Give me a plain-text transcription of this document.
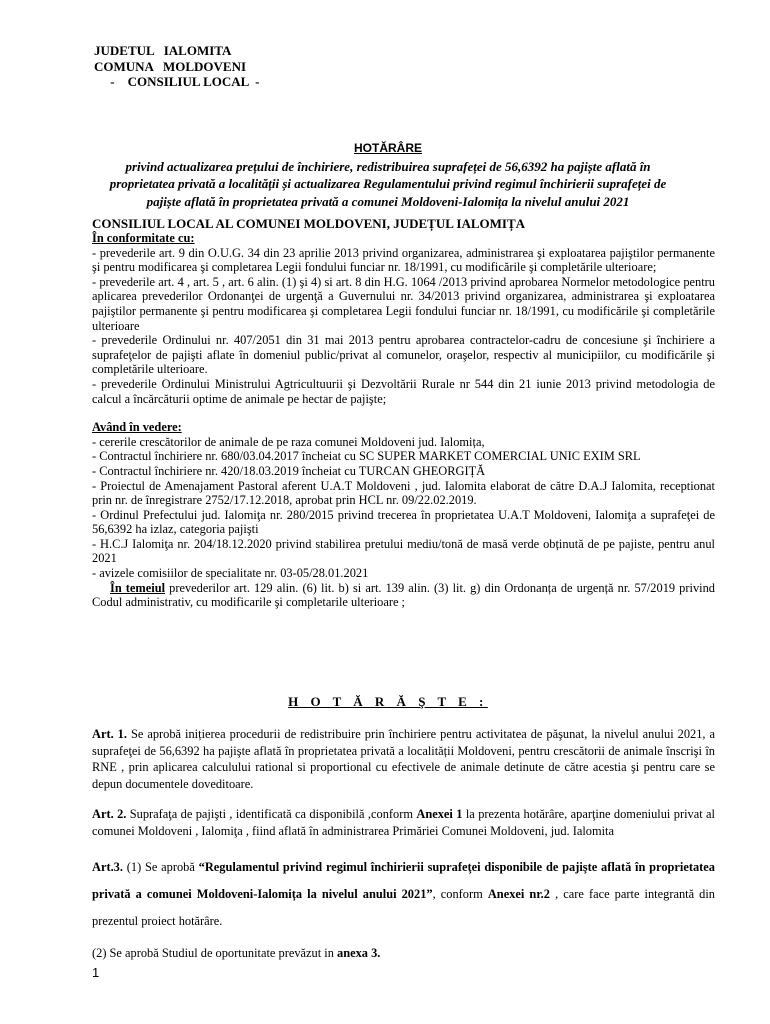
JUDETUL   IALOMITA
COMUNA   MOLDOVENI
-    CONSILIUL LOCAL  -
HOTĂRÂRE
privind actualizarea prețului de închiriere, redistribuirea suprafeței de 56,6392 ha pajiște aflată în proprietatea privată a localității și actualizarea Regulamentului privind regimul închirierii suprafeței de pajiște aflată în proprietatea privată a comunei Moldoveni-Ialomița la nivelul anului 2021

CONSILIUL LOCAL AL COMUNEI MOLDOVENI, JUDEȚUL IALOMIȚA

În conformitate cu:

- prevederile art. 9 din O.U.G. 34 din 23 aprilie 2013 privind organizarea, administrarea şi exploatarea pajiştilor permanente şi pentru modificarea şi completarea Legii fondului funciar nr. 18/1991, cu modificările şi completările ulterioare;

- prevederile art. 4 , art. 5 , art. 6 alin. (1) şi 4) si art. 8 din H.G. 1064 /2013 privind aprobarea Normelor metodologice pentru aplicarea prevederilor Ordonanţei de urgenţă a Guvernului nr. 34/2013 privind organizarea, administrarea şi exploatarea pajiştilor permanente şi pentru modificarea şi completarea Legii fondului funciar nr. 18/1991, cu modificările şi completările ulterioare

- prevederile Ordinului nr. 407/2051 din 31 mai 2013 pentru aprobarea contractelor-cadru de concesiune şi închiriere a suprafeţelor de pajişti aflate în domeniul public/privat al comunelor, oraşelor, respectiv al municipiilor, cu modificările şi completările ulterioare.

- prevederile Ordinului Ministrului Agtricultuurii şi Dezvoltării Rurale nr 544 din 21 iunie 2013 privind metodologia de calcul a încărcăturii optime de animale pe hectar de pajişte;

Având în vedere:

- cererile crescătorilor de animale de pe raza comunei Moldoveni jud. Ialomița,

- Contractul închiriere nr. 680/03.04.2017 încheiat cu SC SUPER MARKET COMERCIAL UNIC EXIM SRL

- Contractul închiriere nr. 420/18.03.2019 încheiat cu TURCAN GHEORGIȚĂ

- Proiectul de Amenajament Pastoral aferent U.A.T Moldoveni , jud. Ialomita elaborat de către D.A.J Ialomita, receptionat prin nr. de înregistrare 2752/17.12.2018, aprobat prin HCL nr. 09/22.02.2019.

- Ordinul Prefectului jud. Ialomiţa nr. 280/2015 privind trecerea în proprietatea U.A.T Moldoveni, Ialomiţa a suprafeţei de 56,6392 ha izlaz, categoria pajişti

- H.C.J Ialomiţa nr. 204/18.12.2020 privind stabilirea pretului mediu/tonă de masă verde obținută de pe pajiste, pentru anul 2021

- avizele comisiilor de specialitate nr. 03-05/28.01.2021

În temeiul prevederilor art. 129 alin. (6) lit. b) si art. 139 alin. (3) lit. g) din Ordonanța de urgență nr. 57/2019 privind Codul administrativ, cu modificarile şi completarile ulterioare ;

H O T Ă R Ă Ş T E :

Art. 1. Se aprobă inițierea procedurii de redistribuire prin închiriere pentru activitatea de păşunat, la nivelul anului 2021, a suprafeţei de 56,6392 ha pajişte aflată în proprietatea privată a localității Moldoveni, pentru crescătorii de animale înscrişi în RNE , prin aplicarea calculului rational si proportional cu efectivele de animale detinute de către acestia şi pentru care se depun documentele doveditoare.

Art. 2. Suprafaţa de pajişti , identificată ca disponibilă ,conform Anexei 1 la prezenta hotărâre, aparţine domeniului privat al comunei Moldoveni , Ialomiţa , fiind aflată în administrarea Primăriei Comunei Moldoveni, jud. Ialomita

Art.3. (1) Se aprobă “Regulamentul privind regimul închirierii suprafeţei disponibile de pajişte aflată în proprietatea privată a comunei Moldoveni-Ialomița la nivelul anului 2021”, conform Anexei nr.2 , care face parte integrantă din prezentul proiect hotărâre.

(2) Se aprobă Studiul de oportunitate prevăzut in anexa 3.

1
